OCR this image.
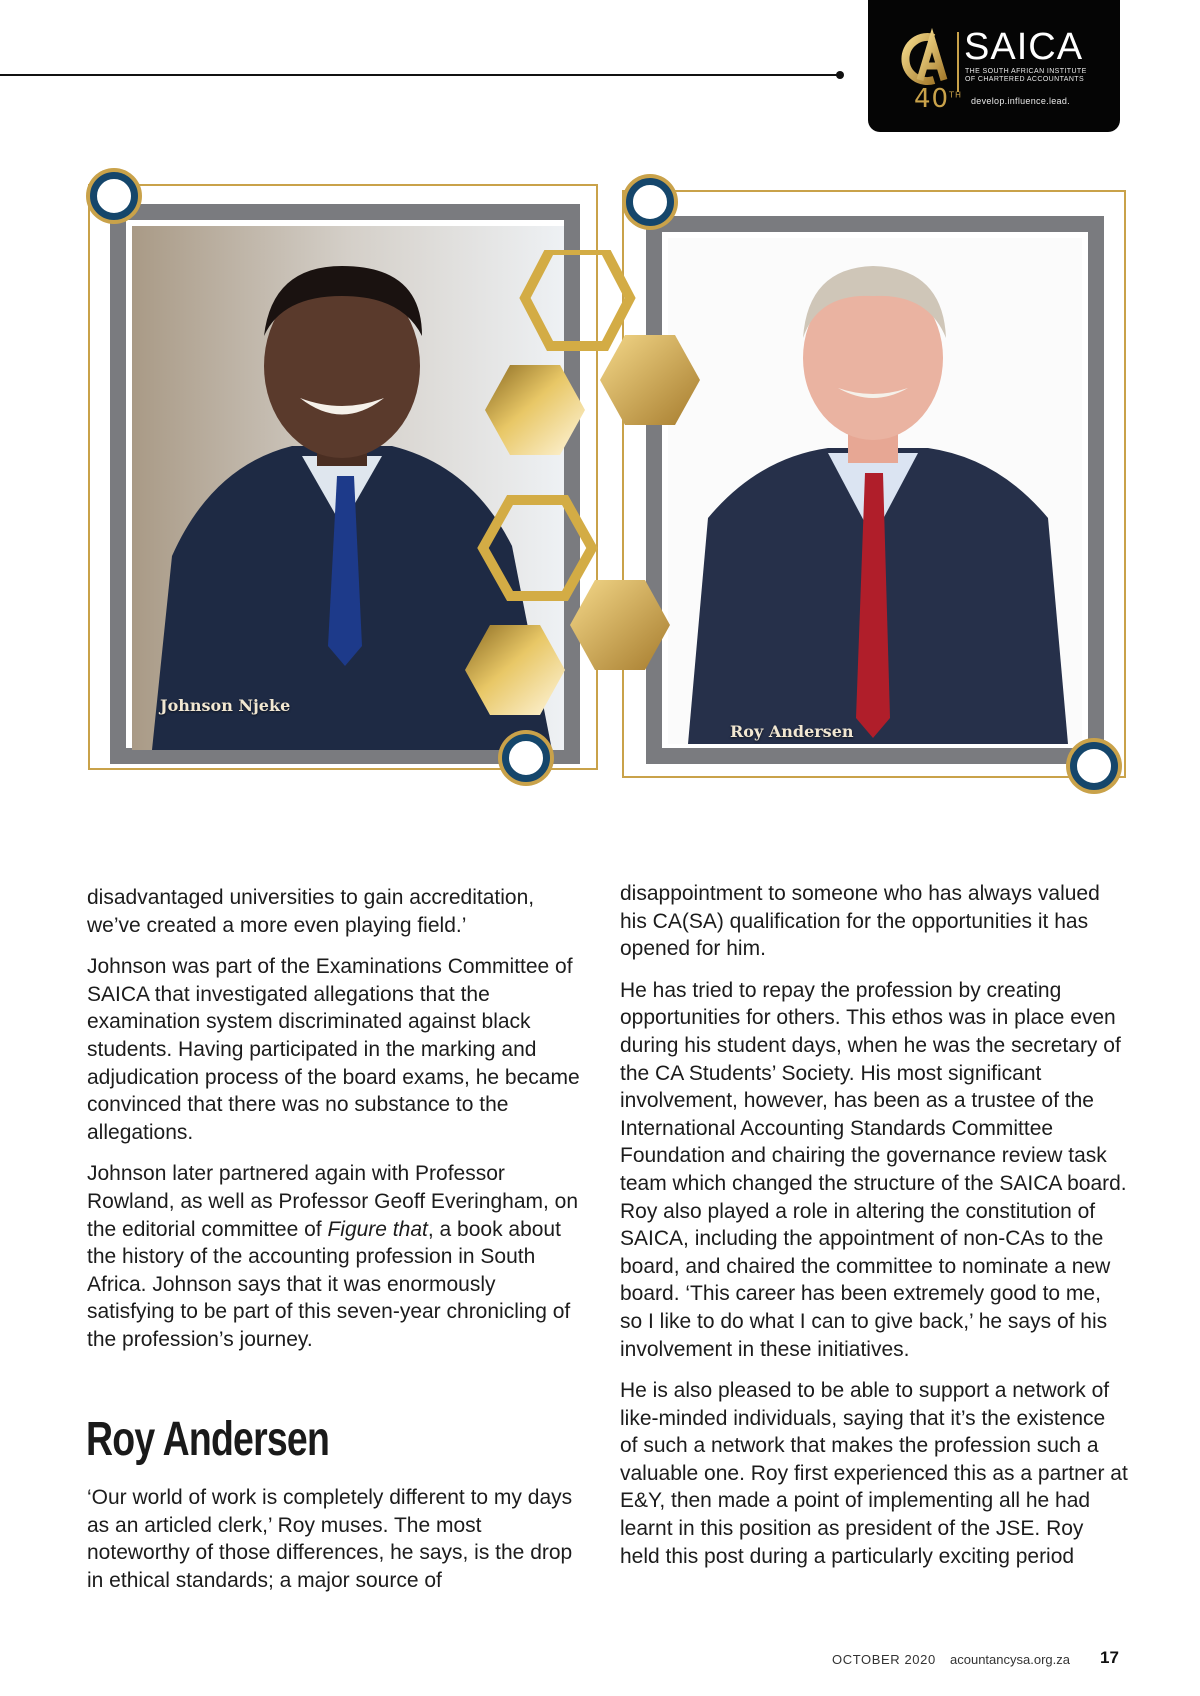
SAICA
THE SOUTH AFRICAN INSTITUTE
OF CHARTERED ACCOUNTANTS
40TH
develop.influence.lead.
Johnson Njeke
Roy Andersen

disadvantaged universities to gain accreditation, we’ve created a more even playing field.’

Johnson was part of the Examinations Committee of SAICA that investigated allegations that the examination system discriminated against black students. Having participated in the marking and adjudication process of the board exams, he became convinced that there was no substance to the allegations.

Johnson later partnered again with Professor Rowland, as well as Professor Geoff Everingham, on the editorial committee of Figure that, a book about the history of the accounting profession in South Africa. Johnson says that it was enormously satisfying to be part of this seven-year chronicling of the profession’s journey.

Roy Andersen

‘Our world of work is completely different to my days as an articled clerk,’ Roy muses. The most noteworthy of those differences, he says, is the drop in ethical standards; a major source of

disappointment to someone who has always valued his CA(SA) qualification for the opportunities it has opened for him.

He has tried to repay the profession by creating opportunities for others. This ethos was in place even during his student days, when he was the secretary of the CA Students’ Society. His most significant involvement, however, has been as a trustee of the International Accounting Standards Committee Foundation and chairing the governance review task team which changed the structure of the SAICA board. Roy also played a role in altering the constitution of SAICA, including the appointment of non-CAs to the board, and chaired the committee to nominate a new board. ‘This career has been extremely good to me, so I like to do what I can to give back,’ he says of his involvement in these initiatives.

He is also pleased to be able to support a network of like-minded individuals, saying that it’s the existence of such a network that makes the profession such a valuable one. Roy first experienced this as a partner at E&Y, then made a point of implementing all he had learnt in this position as president of the JSE. Roy held this post during a particularly exciting period

OCTOBER 2020 acountancysa.org.za 17
